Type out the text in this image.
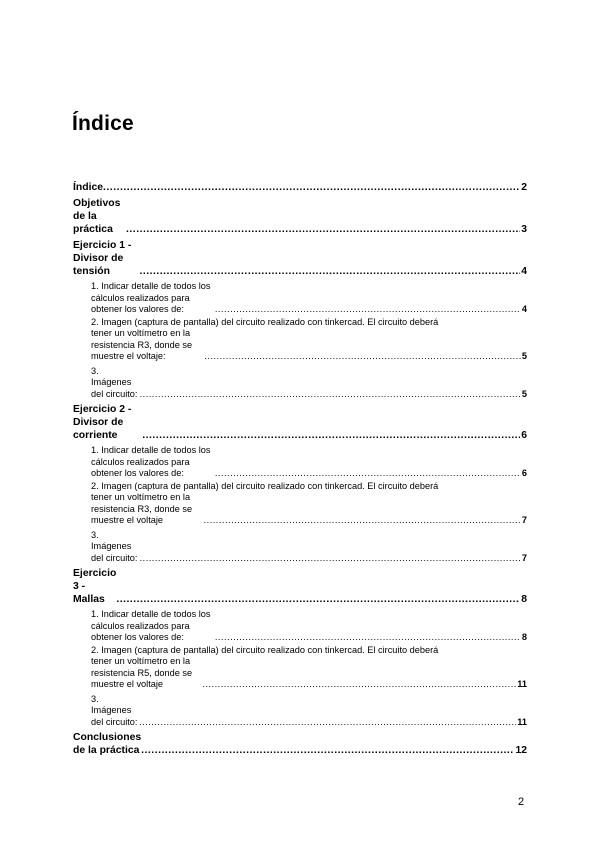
Índice
Índice .....	2
Objetivos de la práctica .....	3
Ejercicio 1 - Divisor de tensión .....	4
1. Indicar detalle de todos los cálculos realizados para obtener los valores de: .....	4
2. Imagen (captura de pantalla) del circuito realizado con tinkercad. El circuito deberá
tener un voltímetro en la resistencia R3, donde se muestre el voltaje: .....	5
3. Imágenes del circuito: .....	5
Ejercicio 2 - Divisor de corriente .....	6
1. Indicar detalle de todos los cálculos realizados para obtener los valores de: .....	6
2. Imagen (captura de pantalla) del circuito realizado con tinkercad. El circuito deberá
tener un voltímetro en la resistencia R3, donde se muestre el voltaje .....	7
3. Imágenes del circuito: .....	7
Ejercicio 3 - Mallas .....	8
1. Indicar detalle de todos los cálculos realizados para obtener los valores de: .....	8
2. Imagen (captura de pantalla) del circuito realizado con tinkercad. El circuito deberá
tener un voltímetro en la resistencia R5, donde se muestre el voltaje .....	11
3. Imágenes del circuito: .....	11
Conclusiones de la práctica .....	12
2
